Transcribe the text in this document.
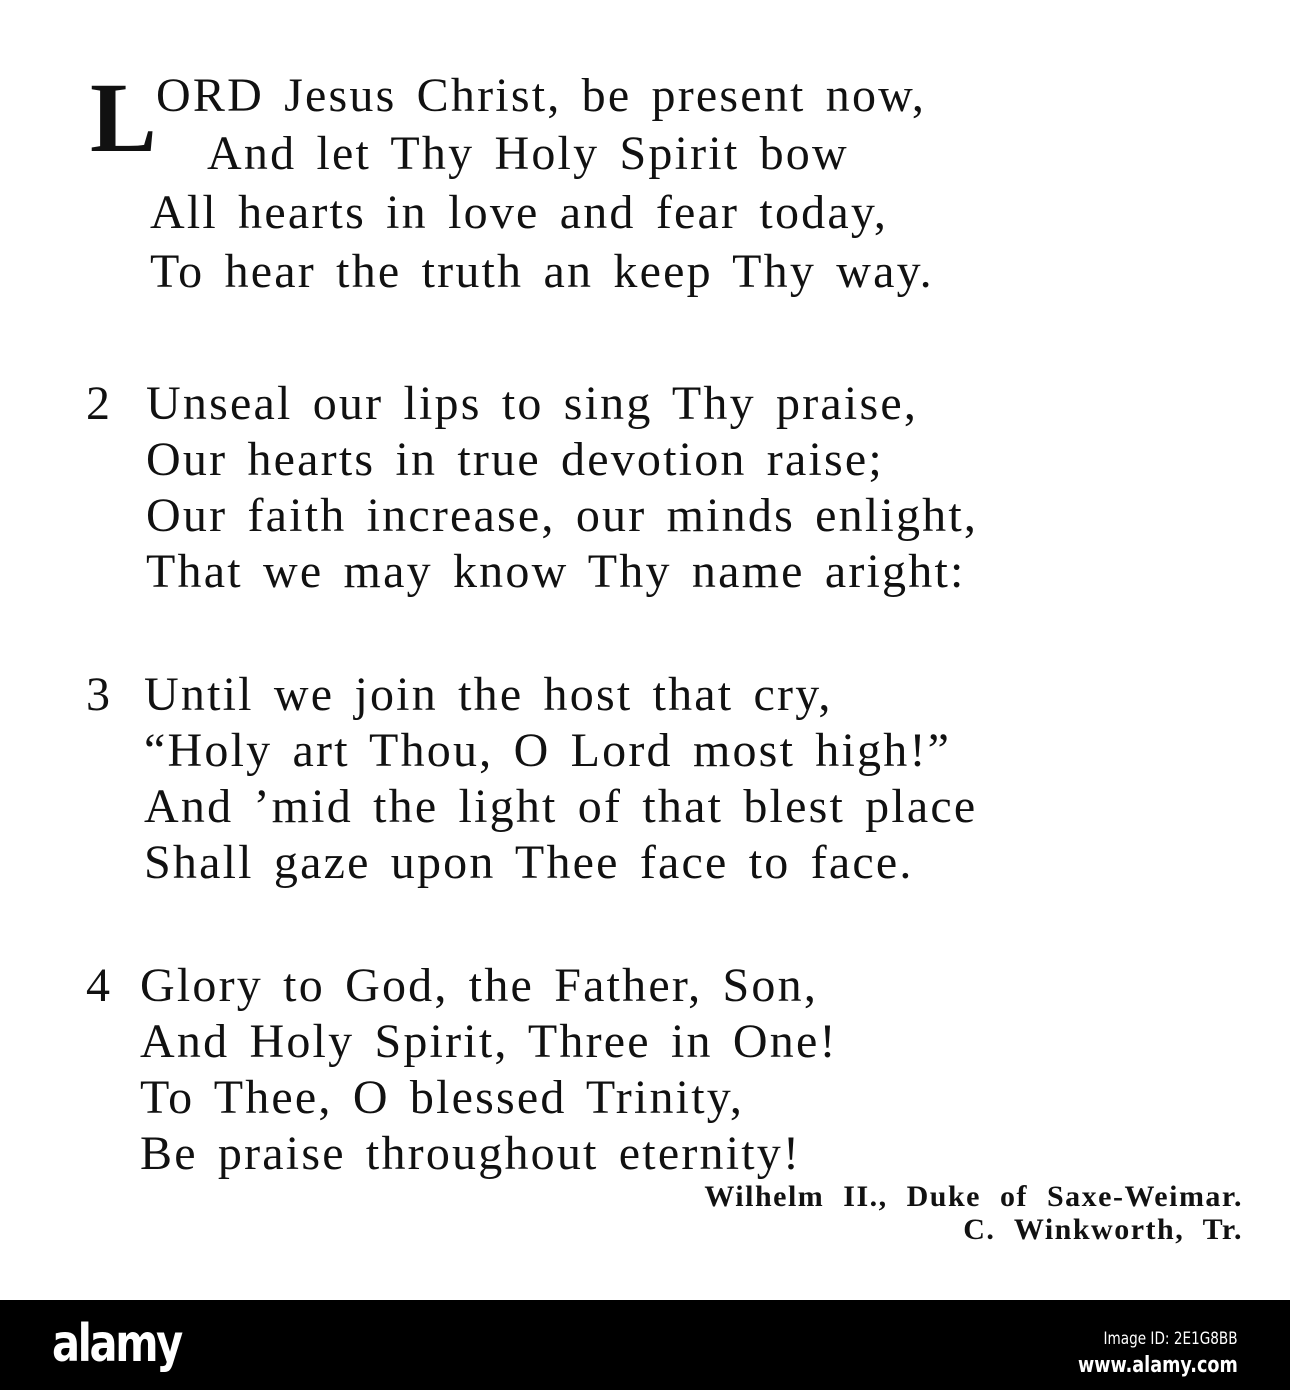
L ORD Jesus Christ, be present now,
And let Thy Holy Spirit bow
All hearts in love and fear today,
To hear the truth an keep Thy way.
2 Unseal our lips to sing Thy praise,
Our hearts in true devotion raise;
Our faith increase, our minds enlight,
That we may know Thy name aright:
3 Until we join the host that cry,
“Holy art Thou, O Lord most high!”
And ’mid the light of that blest place
Shall gaze upon Thee face to face.
4 Glory to God, the Father, Son,
And Holy Spirit, Three in One!
To Thee, O blessed Trinity,
Be praise throughout eternity!
Wilhelm II., Duke of Saxe-Weimar.
C. Winkworth, Tr.
alamy	Image ID: 2E1G8BB
www.alamy.com
